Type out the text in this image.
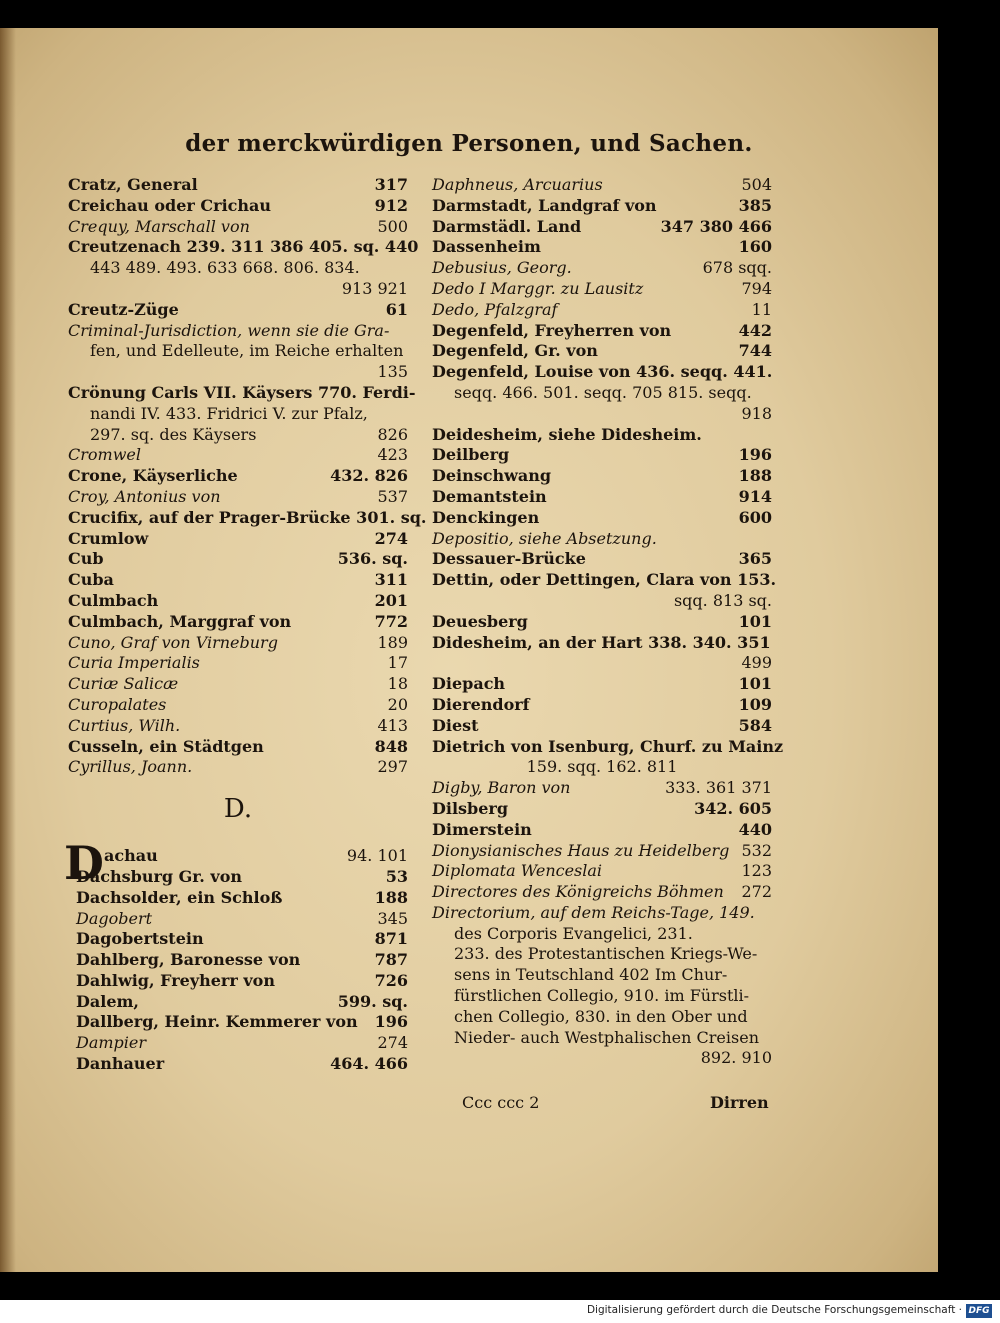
der merckwürdigen Personen, und Sachen.
Cratz, General	317
Creichau oder Crichau	912
Crequy, Marschall von	500
Creutzenach 239. 311 386 405. sq. 440
443 489. 493. 633 668. 806. 834.
913 921
Creutz-Züge	61
Criminal-Jurisdiction, wenn sie die Gra-
fen, und Edelleute, im Reiche erhalten
135
Crönung Carls VII. Käysers 770. Ferdi-
nandi IV. 433. Fridrici V. zur Pfalz,
297. sq. des Käysers	826
Cromwel	423
Crone, Käyserliche	432. 826
Croy, Antonius von	537
Crucifix, auf der Prager-Brücke 301. sq.
Crumlow	274
Cub	536. sq.
Cuba	311
Culmbach	201
Culmbach, Marggraf von	772
Cuno, Graf von Virneburg	189
Curia Imperialis	17
Curiæ Salicæ	18
Curopalates	20
Curtius, Wilh.	413
Cusseln, ein Städtgen	848
Cyrillus, Joann.	297
D.
D achau	94. 101
Dachsburg Gr. von	53
Dachsolder, ein Schloß	188
Dagobert	345
Dagobertstein	871
Dahlberg, Baronesse von	787
Dahlwig, Freyherr von	726
Dalem,	599. sq.
Dallberg, Heinr. Kemmerer von 196
Dampier	274
Danhauer	464. 466
Daphneus, Arcuarius	504
Darmstadt, Landgraf von	385
Darmstädl. Land	347 380 466
Dassenheim	160
Debusius, Georg.	678 sqq.
Dedo I Marggr. zu Lausitz	794
Dedo, Pfalzgraf	11
Degenfeld, Freyherren von	442
Degenfeld, Gr. von	744
Degenfeld, Louise von 436. seqq. 441.
seqq. 466. 501. seqq. 705 815. seqq.
918
Deidesheim, siehe Didesheim.
Deilberg	196
Deinschwang	188
Demantstein	914
Denckingen	600
Depositio, siehe Absetzung.
Dessauer-Brücke	365
Dettin, oder Dettingen, Clara von 153.
sqq. 813 sq.
Deuesberg	101
Didesheim, an der Hart 338. 340. 351
499
Diepach	101
Dierendorf	109
Diest	584
Dietrich von Isenburg, Churf. zu Mainz
159. sqq. 162. 811
Digby, Baron von	333. 361 371
Dilsberg	342. 605
Dimerstein	440
Dionysianisches Haus zu Heidelberg 532
Diplomata Wenceslai	123
Directores des Königreichs Böhmen 272
Directorium, auf dem Reichs-Tage, 149.
des Corporis Evangelici, 231.
233. des Protestantischen Kriegs-We-
sens in Teutschland 402 Im Chur-
fürstlichen Collegio, 910. im Fürstli-
chen Collegio, 830. in den Ober und
Nieder- auch Westphalischen Creisen
892. 910
Ccc ccc 2	Dirren
Digitalisierung gefördert durch die Deutsche Forschungsgemeinschaft · DFG
